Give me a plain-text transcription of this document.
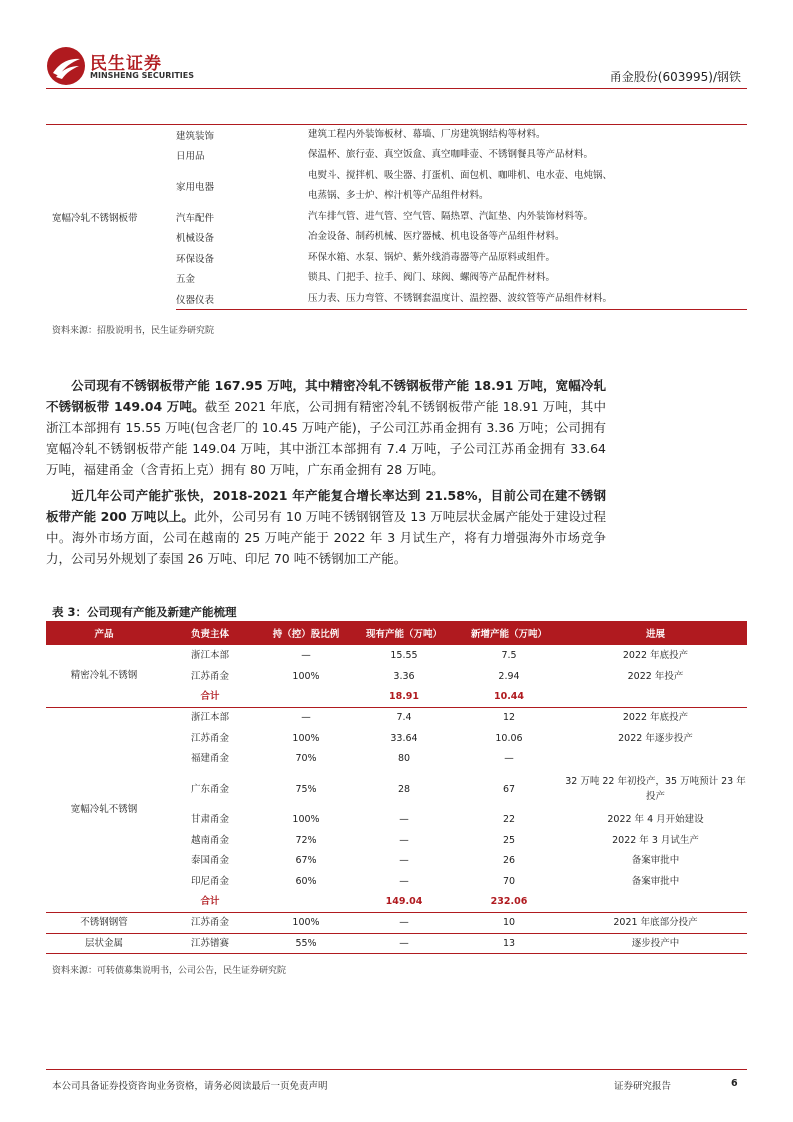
民生证券
MINSHENG SECURITIES	甬金股份(603995)/钢铁
宽幅冷轧不锈钢板带	建筑装饰	建筑工程内外装饰板材、幕墙、厂房建筑钢结构等材料。
	日用品	保温杯、旅行壶、真空饭盒、真空咖啡壶、不锈钢餐具等产品材料。
	家用电器	电熨斗、搅拌机、吸尘器、打蛋机、面包机、咖啡机、电水壶、电炖锅、
		电蒸锅、多士炉、榨汁机等产品组件材料。
	汽车配件	汽车排气管、进气管、空气管、隔热罩、汽缸垫、内外装饰材料等。
	机械设备	冶金设备、制药机械、医疗器械、机电设备等产品组件材料。
	环保设备	环保水箱、水泵、锅炉、紫外线消毒器等产品原料或组件。
	五金	锁具、门把手、拉手、阀门、球阀、螺阀等产品配件材料。
	仪器仪表	压力表、压力弯管、不锈钢套温度计、温控器、波纹管等产品组件材料。
资料来源：招股说明书，民生证券研究院
公司现有不锈钢板带产能 167.95 万吨，其中精密冷轧不锈钢板带产能 18.91 万吨，宽幅冷轧不锈钢板带 149.04 万吨。截至 2021 年底，公司拥有精密冷轧不锈钢板带产能 18.91 万吨，其中浙江本部拥有 15.55 万吨(包含老厂的 10.45 万吨产能)，子公司江苏甬金拥有 3.36 万吨；公司拥有宽幅冷轧不锈钢板带产能 149.04 万吨，其中浙江本部拥有 7.4 万吨，子公司江苏甬金拥有 33.64 万吨，福建甬金（含青拓上克）拥有 80 万吨，广东甬金拥有 28 万吨。
近几年公司产能扩张快，2018-2021 年产能复合增长率达到 21.58%，目前公司在建不锈钢板带产能 200 万吨以上。此外，公司另有 10 万吨不锈钢钢管及 13 万吨层状金属产能处于建设过程中。海外市场方面，公司在越南的 25 万吨产能于 2022 年 3 月试生产，将有力增强海外市场竞争力，公司另外规划了泰国 26 万吨、印尼 70 吨不锈钢加工产能。
表 3：公司现有产能及新建产能梳理
产品	负责主体	持（控）股比例	现有产能（万吨）	新增产能（万吨）	进展
精密冷轧不锈钢	浙江本部	—	15.55	7.5	2022 年底投产
	江苏甬金	100%	3.36	2.94	2022 年投产
	合计		18.91	10.44	
宽幅冷轧不锈钢	浙江本部	—	7.4	12	2022 年底投产
	江苏甬金	100%	33.64	10.06	2022 年逐步投产
	福建甬金	70%	80	—	
	广东甬金	75%	28	67	32 万吨 22 年初投产，35 万吨预计 23 年投产
	甘肃甬金	100%	—	22	2022 年 4 月开始建设
	越南甬金	72%	—	25	2022 年 3 月试生产
	泰国甬金	67%	—	26	备案审批中
	印尼甬金	60%	—	70	备案审批中
	合计		149.04	232.06	
不锈钢钢管	江苏甬金	100%	—	10	2021 年底部分投产
层状金属	江苏镨赛	55%	—	13	逐步投产中
资料来源：可转债募集说明书，公司公告，民生证券研究院
本公司具备证券投资咨询业务资格，请务必阅读最后一页免责声明	证券研究报告	6
